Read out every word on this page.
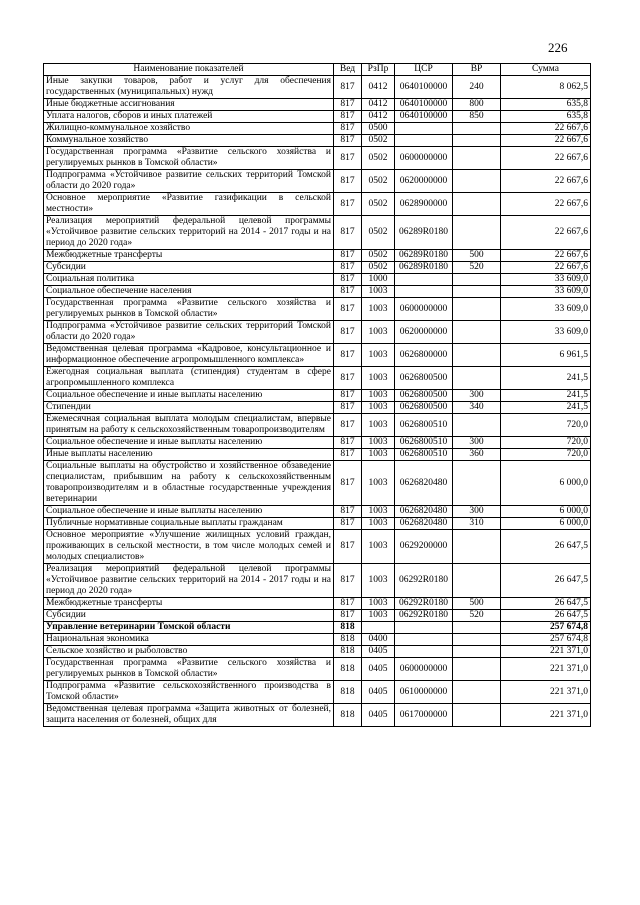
226
Наименование показателей	Вед	РзПр	ЦСР	ВР	Сумма
Иные закупки товаров, работ и услуг для обеспечения государственных (муниципальных) нужд	817	0412	0640100000	240	8 062,5
Иные бюджетные ассигнования	817	0412	0640100000	800	635,8
Уплата налогов, сборов и иных платежей	817	0412	0640100000	850	635,8
Жилищно-коммунальное хозяйство	817	0500			22 667,6
Коммунальное хозяйство	817	0502			22 667,6
Государственная программа «Развитие сельского хозяйства и регулируемых рынков в Томской области»	817	0502	0600000000		22 667,6
Подпрограмма «Устойчивое развитие сельских территорий Томской области до 2020 года»	817	0502	0620000000		22 667,6
Основное мероприятие «Развитие газификации в сельской местности»	817	0502	0628900000		22 667,6
Реализация мероприятий федеральной целевой программы «Устойчивое развитие сельских территорий на 2014 - 2017 годы и на период до 2020 года»	817	0502	06289R0180		22 667,6
Межбюджетные трансферты	817	0502	06289R0180	500	22 667,6
Субсидии	817	0502	06289R0180	520	22 667,6
Социальная политика	817	1000			33 609,0
Социальное обеспечение населения	817	1003			33 609,0
Государственная программа «Развитие сельского хозяйства и регулируемых рынков в Томской области»	817	1003	0600000000		33 609,0
Подпрограмма «Устойчивое развитие сельских территорий Томской области до 2020 года»	817	1003	0620000000		33 609,0
Ведомственная целевая программа «Кадровое, консультационное и информационное обеспечение агропромышленного комплекса»	817	1003	0626800000		6 961,5
Ежегодная социальная выплата (стипендия) студентам в сфере агропромышленного комплекса	817	1003	0626800500		241,5
Социальное обеспечение и иные выплаты населению	817	1003	0626800500	300	241,5
Стипендии	817	1003	0626800500	340	241,5
Ежемесячная социальная выплата молодым специалистам, впервые принятым на работу к сельскохозяйственным товаропроизводителям	817	1003	0626800510		720,0
Социальное обеспечение и иные выплаты населению	817	1003	0626800510	300	720,0
Иные выплаты населению	817	1003	0626800510	360	720,0
Социальные выплаты на обустройство и хозяйственное обзаведение специалистам, прибывшим на работу к сельскохозяйственным товаропроизводителям и в областные государственные учреждения ветеринарии	817	1003	0626820480		6 000,0
Социальное обеспечение и иные выплаты населению	817	1003	0626820480	300	6 000,0
Публичные нормативные социальные выплаты гражданам	817	1003	0626820480	310	6 000,0
Основное мероприятие «Улучшение жилищных условий граждан, проживающих в сельской местности, в том числе молодых семей и молодых специалистов»	817	1003	0629200000		26 647,5
Реализация мероприятий федеральной целевой программы «Устойчивое развитие сельских территорий на 2014 - 2017 годы и на период до 2020 года»	817	1003	06292R0180		26 647,5
Межбюджетные трансферты	817	1003	06292R0180	500	26 647,5
Субсидии	817	1003	06292R0180	520	26 647,5
Управление ветеринарии Томской области	818				257 674,8
Национальная экономика	818	0400			257 674,8
Сельское хозяйство и рыболовство	818	0405			221 371,0
Государственная программа «Развитие сельского хозяйства и регулируемых рынков в Томской области»	818	0405	0600000000		221 371,0
Подпрограмма «Развитие сельскохозяйственного производства в Томской области»	818	0405	0610000000		221 371,0
Ведомственная целевая программа «Защита животных от болезней, защита населения от болезней, общих для	818	0405	0617000000		221 371,0
